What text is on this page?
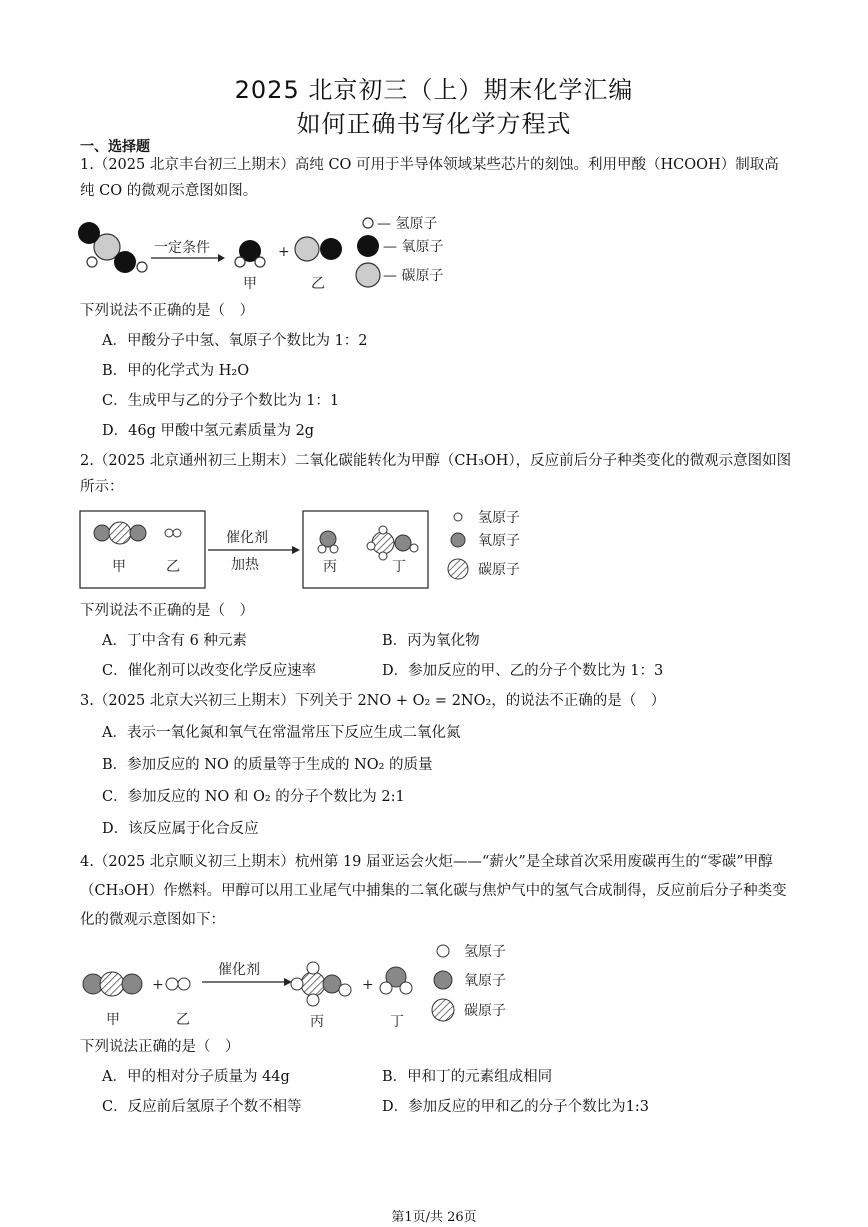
2025 北京初三（上）期末化学汇编
如何正确书写化学方程式
一、选择题
1.（2025 北京丰台初三上期末）高纯 CO 可用于半导体领域某些芯片的刻蚀。利用甲酸（HCOOH）制取高纯 CO 的微观示意图如图。
一定条件
甲
+
乙
— 氢原子
— 氧原子
— 碳原子
下列说法不正确的是（　）
A．甲酸分子中氢、氧原子个数比为 1：2
B．甲的化学式为 H₂O
C．生成甲与乙的分子个数比为 1：1
D．46g 甲酸中氢元素质量为 2g
2.（2025 北京通州初三上期末）二氧化碳能转化为甲醇（CH₃OH），反应前后分子种类变化的微观示意图如图所示：
甲	乙
催化剂
加热	丙	丁
氢原子
氧原子
碳原子
下列说法不正确的是（　）
A．丁中含有 6 种元素	B．丙为氧化物
C．催化剂可以改变化学反应速率	D．参加反应的甲、乙的分子个数比为 1：3
3.（2025 北京大兴初三上期末）下列关于 2NO + O₂ = 2NO₂，的说法不正确的是（　）
A．表示一氧化氮和氧气在常温常压下反应生成二氧化氮
B．参加反应的 NO 的质量等于生成的 NO₂ 的质量
C．参加反应的 NO 和 O₂ 的分子个数比为 2:1
D．该反应属于化合反应
4.（2025 北京顺义初三上期末）杭州第 19 届亚运会火炬——“薪火”是全球首次采用废碳再生的“零碳”甲醇（CH₃OH）作燃料。甲醇可以用工业尾气中捕集的二氧化碳与焦炉气中的氢气合成制得，反应前后分子种类变化的微观示意图如下：
甲
+
乙
催化剂
丙
+
丁
氢原子
氧原子
碳原子
下列说法正确的是（　）
A．甲的相对分子质量为 44g	B．甲和丁的元素组成相同
C．反应前后氢原子个数不相等	D．参加反应的甲和乙的分子个数比为1:3
第1页/共 26页
